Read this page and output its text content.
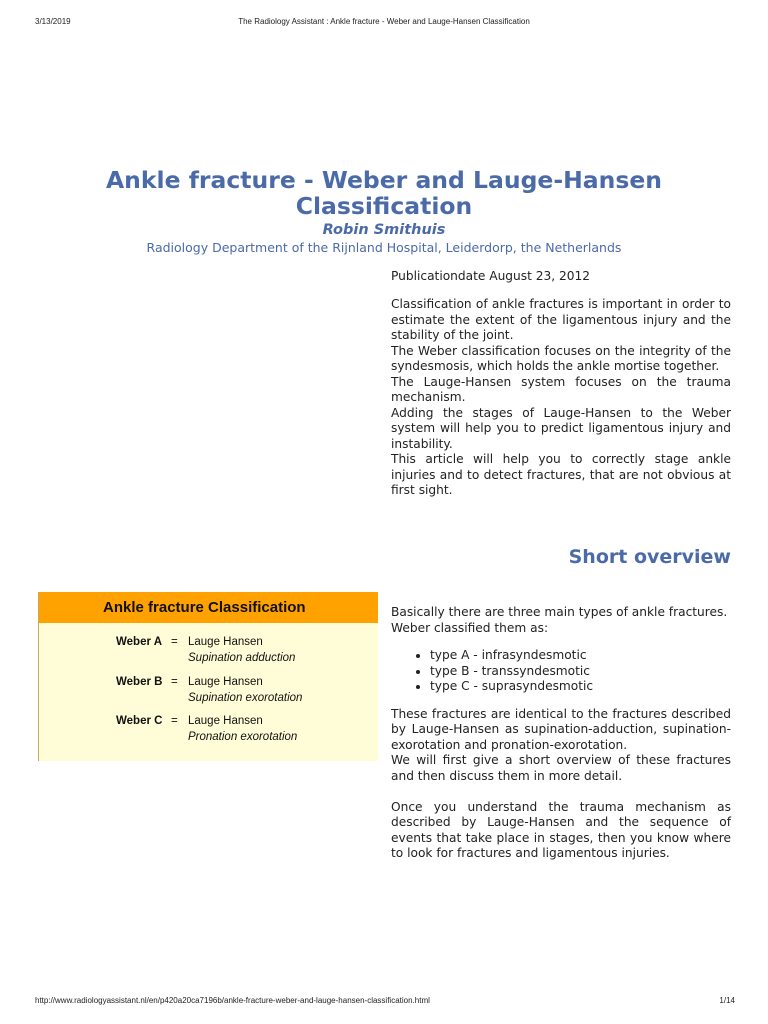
3/13/2019	The Radiology Assistant : Ankle fracture - Weber and Lauge-Hansen Classification
Ankle fracture - Weber and Lauge-Hansen Classification
Robin Smithuis
Radiology Department of the Rijnland Hospital, Leiderdorp, the Netherlands
Publicationdate August 23, 2012

Classification of ankle fractures is important in order to estimate the extent of the ligamentous injury and the stability of the joint.

The Weber classification focuses on the integrity of the syndesmosis, which holds the ankle mortise together.

The Lauge-Hansen system focuses on the trauma mechanism.

Adding the stages of Lauge-Hansen to the Weber system will help you to predict ligamentous injury and instability.

This article will help you to correctly stage ankle injuries and to detect fractures, that are not obvious at first sight.

Short overview
Ankle fracture Classification
Weber A = Lauge Hansen
Supination adduction
Weber B = Lauge Hansen
Supination exorotation
Weber C = Lauge Hansen
Pronation exorotation

Basically there are three main types of ankle fractures.

Weber classified them as:

• type A - infrasyndesmotic
• type B - transsyndesmotic
• type C - suprasyndesmotic

These fractures are identical to the fractures described by Lauge-Hansen as supination-adduction, supination-exorotation and pronation-exorotation.

We will first give a short overview of these fractures and then discuss them in more detail.

Once you understand the trauma mechanism as described by Lauge-Hansen and the sequence of events that take place in stages, then you know where to look for fractures and ligamentous injuries.

http://www.radiologyassistant.nl/en/p420a20ca7196b/ankle-fracture-weber-and-lauge-hansen-classification.html	1/14
